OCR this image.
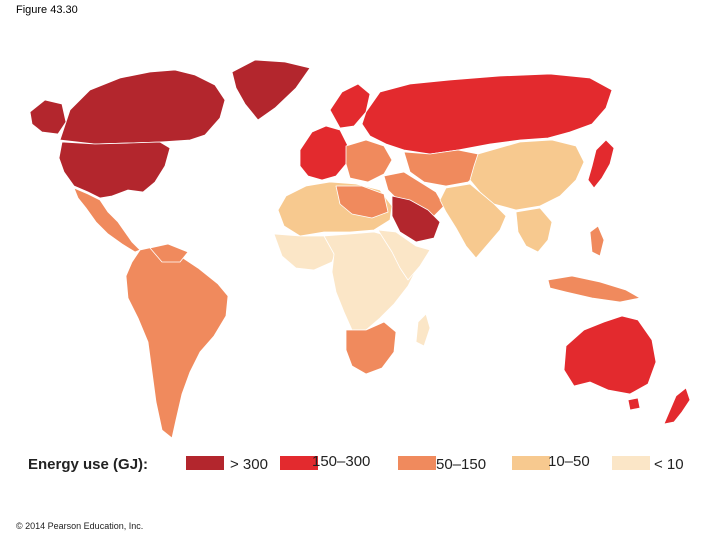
Figure 43.30
Energy use (GJ):	> 300	150–300	50–150	10–50	< 10
© 2014 Pearson Education, Inc.
